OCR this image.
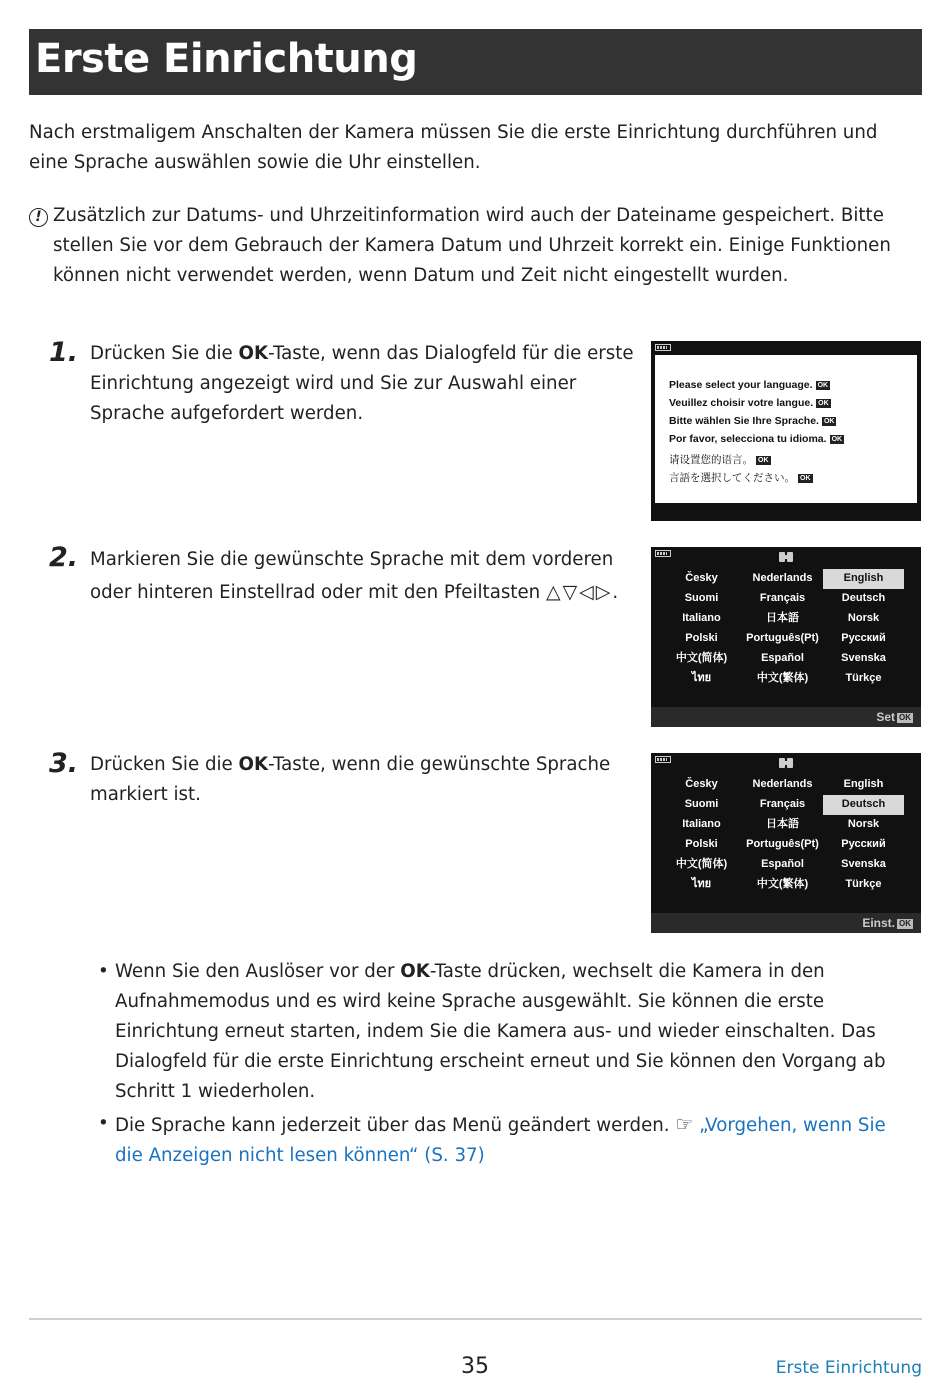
Erste Einrichtung

Nach erstmaligem Anschalten der Kamera müssen Sie die erste Einrichtung durchführen und eine Sprache auswählen sowie die Uhr einstellen.

! Zusätzlich zur Datums- und Uhrzeitinformation wird auch der Dateiname gespeichert. Bitte stellen Sie vor dem Gebrauch der Kamera Datum und Uhrzeit korrekt ein. Einige Funktionen können nicht verwendet werden, wenn Datum und Zeit nicht eingestellt wurden.

1. Drücken Sie die OK-Taste, wenn das Dialogfeld für die erste Einrichtung angezeigt wird und Sie zur Auswahl einer Sprache aufgefordert werden.

2. Markieren Sie die gewünschte Sprache mit dem vorderen oder hinteren Einstellrad oder mit den Pfeiltasten △▽◁▷.

3. Drücken Sie die OK-Taste, wenn die gewünschte Sprache markiert ist.

Please select your language. OK
Veuillez choisir votre langue. OK
Bitte wählen Sie Ihre Sprache. OK
Por favor, selecciona tu idioma. OK
请设置您的语言。 OK
言語を選択してください。 OK
Česky	Nederlands	English
Suomi	Français	Deutsch
Italiano	日本語	Norsk
Polski	Português(Pt)	Русский
中文(简体)	Español	Svenska
ไทย	中文(繁体)	Türkçe
Set OK
Česky	Nederlands	English
Suomi	Français	Deutsch
Italiano	日本語	Norsk
Polski	Português(Pt)	Русский
中文(简体)	Español	Svenska
ไทย	中文(繁体)	Türkçe
Einst. OK

• Wenn Sie den Auslöser vor der OK-Taste drücken, wechselt die Kamera in den Aufnahmemodus und es wird keine Sprache ausgewählt. Sie können die erste Einrichtung erneut starten, indem Sie die Kamera aus- und wieder einschalten. Das Dialogfeld für die erste Einrichtung erscheint erneut und Sie können den Vorgang ab Schritt 1 wiederholen.

• Die Sprache kann jederzeit über das Menü geändert werden. ☞ „Vorgehen, wenn Sie die Anzeigen nicht lesen können“ (S. 37)

35	Erste Einrichtung
